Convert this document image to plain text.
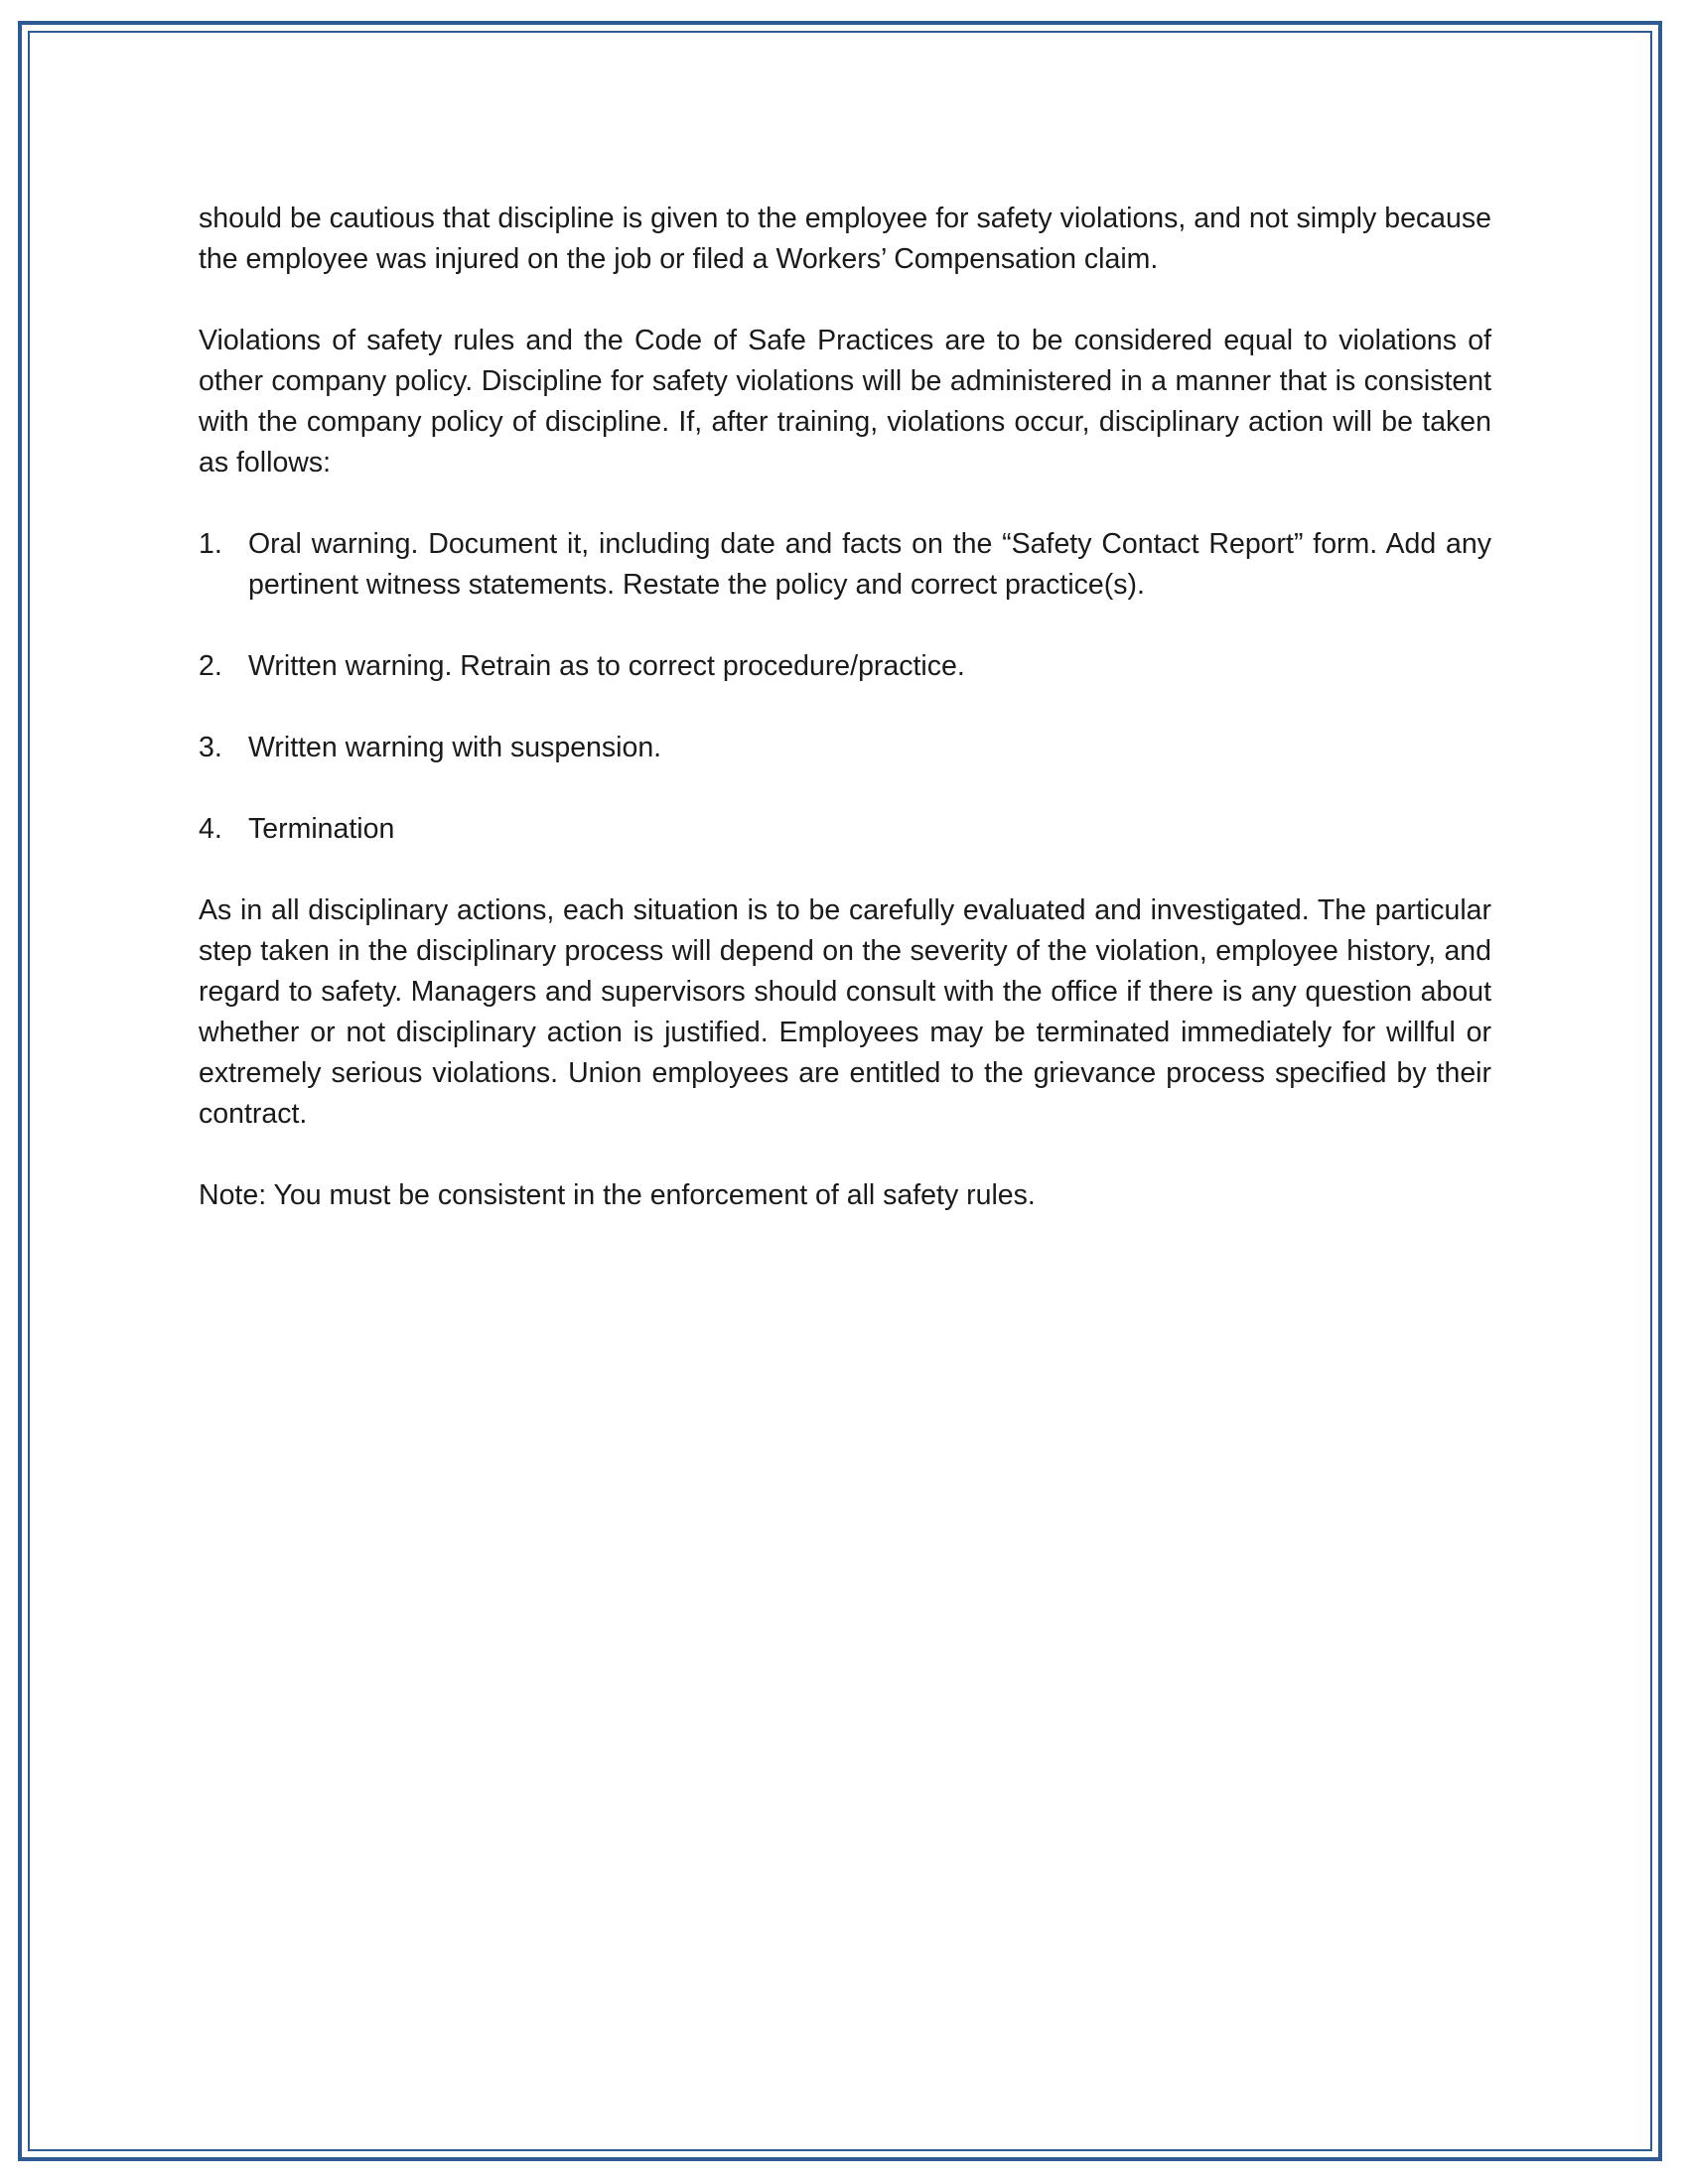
should be cautious that discipline is given to the employee for safety violations, and not simply because the employee was injured on the job or filed a Workers’ Compensation claim.

Violations of safety rules and the Code of Safe Practices are to be considered equal to violations of other company policy. Discipline for safety violations will be administered in a manner that is consistent with the company policy of discipline. If, after training, violations occur, disciplinary action will be taken as follows:

1. Oral warning. Document it, including date and facts on the “Safety Contact Report” form. Add any pertinent witness statements. Restate the policy and correct practice(s).
2. Written warning. Retrain as to correct procedure/practice.
3. Written warning with suspension.
4. Termination

As in all disciplinary actions, each situation is to be carefully evaluated and investigated. The particular step taken in the disciplinary process will depend on the severity of the violation, employee history, and regard to safety. Managers and supervisors should consult with the office if there is any question about whether or not disciplinary action is justified. Employees may be terminated immediately for willful or extremely serious violations. Union employees are entitled to the grievance process specified by their contract.

Note: You must be consistent in the enforcement of all safety rules.
